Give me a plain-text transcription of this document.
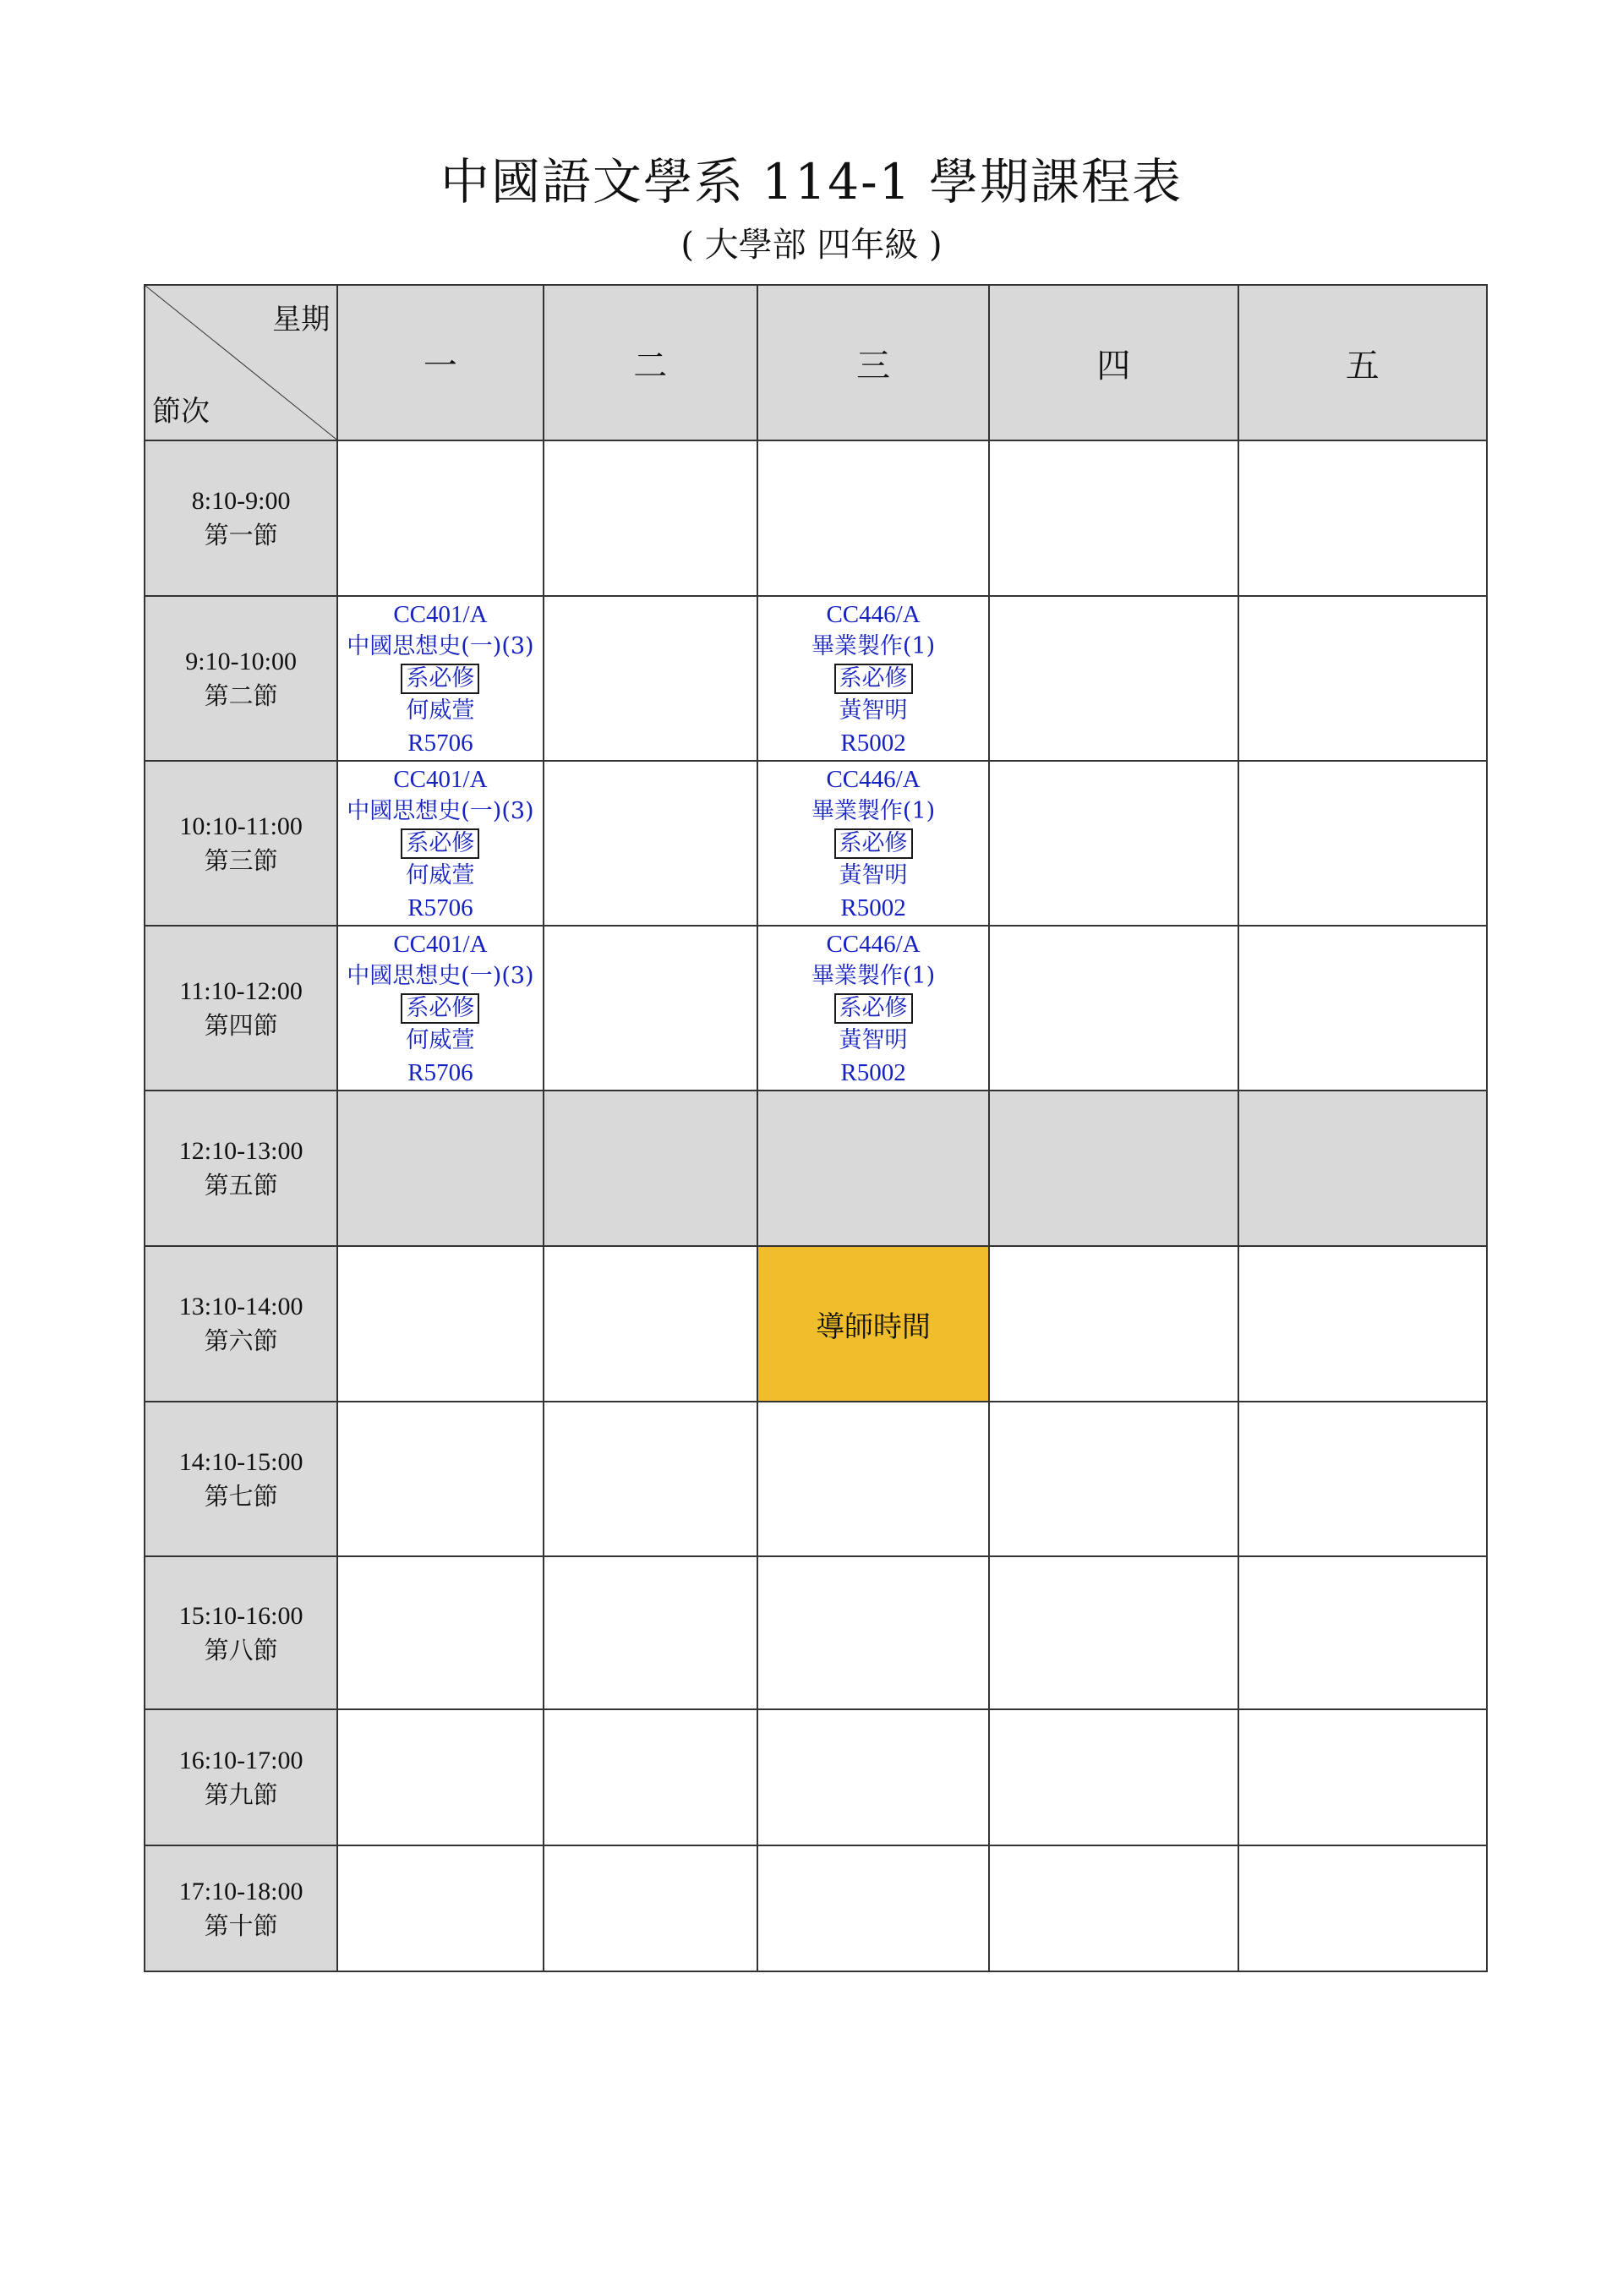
中國語文學系 114-1 學期課程表
( 大學部 四年級 )
星期
節次	一	二	三	四	五

8:10-9:00
第一節					

9:10-10:00
第二節	CC401/A
中國思想史(一)(3)
系必修
何威萱
R5706		CC446/A
畢業製作(1)
系必修
黃智明
R5002		

10:10-11:00
第三節	CC401/A
中國思想史(一)(3)
系必修
何威萱
R5706		CC446/A
畢業製作(1)
系必修
黃智明
R5002		

11:10-12:00
第四節	CC401/A
中國思想史(一)(3)
系必修
何威萱
R5706		CC446/A
畢業製作(1)
系必修
黃智明
R5002		

12:10-13:00
第五節					

13:10-14:00
第六節			導師時間		

14:10-15:00
第七節					

15:10-16:00
第八節					

16:10-17:00
第九節					

17:10-18:00
第十節					
